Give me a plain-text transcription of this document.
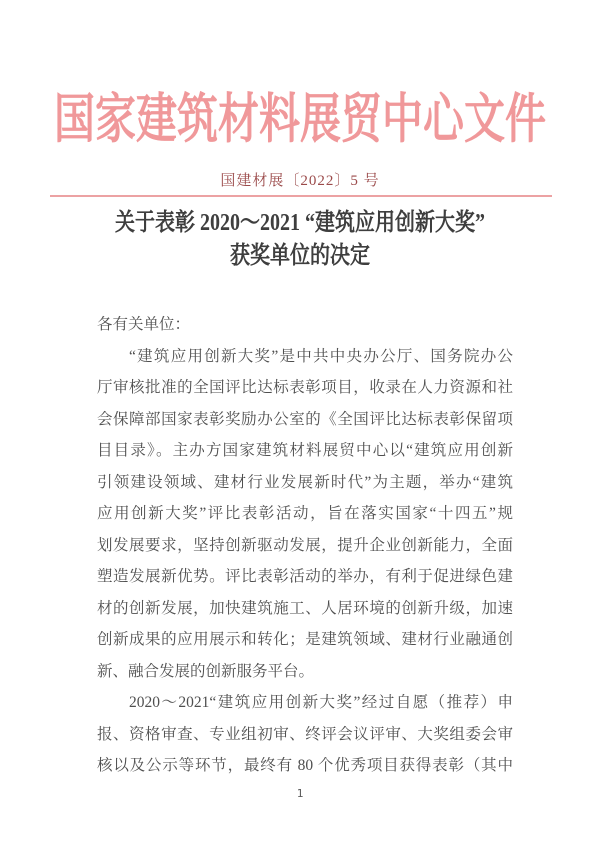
国家建筑材料展贸中心文件
国建材展〔2022〕5 号
关于表彰 2020～2021 “建筑应用创新大奖”
获奖单位的决定
各有关单位：
“建筑应用创新大奖”是中共中央办公厅、国务院办公
厅审核批准的全国评比达标表彰项目，收录在人力资源和社
会保障部国家表彰奖励办公室的《全国评比达标表彰保留项
目目录》。主办方国家建筑材料展贸中心以“建筑应用创新
引领建设领域、建材行业发展新时代”为主题，举办“建筑
应用创新大奖”评比表彰活动，旨在落实国家“十四五”规
划发展要求，坚持创新驱动发展，提升企业创新能力，全面
塑造发展新优势。评比表彰活动的举办，有利于促进绿色建
材的创新发展，加快建筑施工、人居环境的创新升级，加速
创新成果的应用展示和转化；是建筑领域、建材行业融通创
新、融合发展的创新服务平台。
2020～2021“建筑应用创新大奖”经过自愿（推荐）申
报、资格审查、专业组初审、终评会议评审、大奖组委会审
核以及公示等环节，最终有 80 个优秀项目获得表彰（其中
1
